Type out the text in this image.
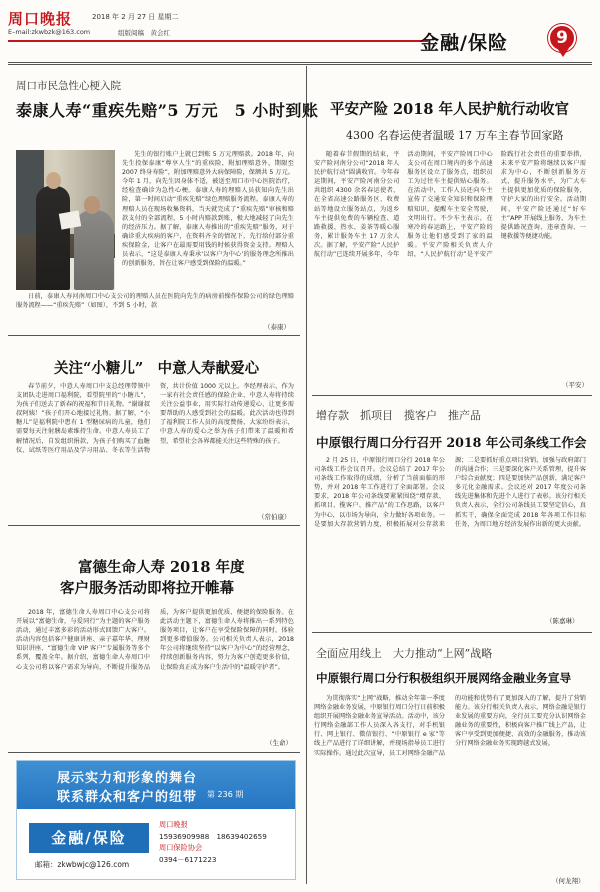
周口晚报	2018 年 2 月 27 日 星期二
E–mail:zkwbzk@163.com	组版阅稿　黄会红	金融/保险	9
周口市民急性心梗入院
泰康人寿“重疾先赔”5 万元　5 小时到账
日前，泰康人寿河南周口中心支公司的理赔人员在医院向先生的病房前操作保险公司的绿色理赔服务流程——“重疾先赔”（如图），不到 5 小时，款
先生的银行账户上就已到账 5 万元理赔款。2018 年，向先生投保泰康“尊享人生”的重疾险，附加理赔意外，期限至 2007 终身寿险”，附加理赔意外大病保障险，保额共 5 万元。今年 1 月，向先生因身体不适，被送至周口市中心医院治疗，经检查确诊为急性心梗。泰康人寿的理赔人员获知向先生出险，第一时间启动“重疾先赔”绿色理赔服务流程。泰康人寿的理赔人员在现场收集资料，当天就完成了“重疾先赔”审核和赔款支付的全部流程，5 小时内赔款到账，极大地减轻了向先生的经济压力。据了解，泰康人寿推出的“重疾先赔”服务，对于确诊重大疾病的客户，在资料齐全的情况下，先行给付部分重疾保险金，让客户在最需要用钱的时候获得资金支持。理赔人员表示，“这是泰康人寿秉承‘以客户为中心’的服务理念所推出的创新服务，旨在让客户感受到保险的温暖。”
（泰康）
关注“小糖儿”　中意人寿献爱心
春节前夕，中意人寿周口中支总经理带领中支团队走进周口福利院，看望院里的“小糖儿”，为孩子们送去了新春的祝福和节日礼物。“谢谢叔叔阿姨！”孩子们开心地接过礼物。据了解，“小糖儿”是福利院中患有 1 型糖尿病的儿童，他们需要每天注射胰岛素维持生命。中意人寿员工了解情况后，自发组织捐款，为孩子们购买了血糖仪、试纸等医疗用品及学习用品、冬衣等生活物资，共计价值 1000 元以上。李经理表示，作为一家有社会责任感的保险企业，中意人寿将持续关注公益事业，用实际行动传递爱心，让更多需要帮助的人感受到社会的温暖。此次活动也得到了福利院工作人员的高度赞扬，大家纷纷表示，中意人寿的爱心之举为孩子们带来了温暖和希望，希望社会各界都能关注这些特殊的孩子。
（常伯康）
富德生命人寿 2018 年度
客户服务活动即将拉开帷幕
2018 年，富德生命人寿周口中心支公司将开展以“富德生命，与爱同行”为主题的客户服务活动，通过丰富多彩的活动形式回馈广大客户。活动内容包括客户健康讲座、亲子嘉年华、理财知识讲座、“富德生命 VIP 客户”专属服务等多个系列，覆盖全年。据介绍，富德生命人寿周口中心支公司将以客户需求为导向，不断提升服务品质，为客户提供更加优质、便捷的保险服务。在此活动主题下，富德生命人寿将推出一系列特色服务项目，让客户在享受保险保障的同时，体验到更多增值服务。公司相关负责人表示，2018 年公司将继续坚持“以客户为中心”的经营理念，持续创新服务内容，努力为客户创造更多价值，让保险真正成为客户生活中的“温暖守护者”。
（生命）
展示实力和形象的舞台
联系群众和客户的纽带 第 236 期
金融/保险
邮箱：zkwbwjc@126.com
周口晚报
15936909988　18639402659
周口保险协会
0394－6171223
平安产险 2018 年人民护航行动收官
4300 名春运使者温暖 17 万车主春节回家路
随着春节假期的结束，平安产险河南分公司“2018 年人民护航行动”圆满收官。今年春运期间，平安产险河南分公司共组织 4300 余名春运使者，在全省高速公路服务区、收费站等地设立服务站点，为返乡车主提供免费的车辆检查、道路救援、热水、姜茶等暖心服务，累计服务车主 17 万余人次。据了解，平安产险“人民护航行动”已连续开展多年，今年活动期间，平安产险周口中心支公司在周口境内的多个高速服务区设立了服务点，组织员工为过往车主提供贴心服务。在活动中，工作人员还向车主宣传了交通安全知识和保险理赔知识，提醒车主安全驾驶，文明出行。不少车主表示，在寒冷的春运路上，平安产险的服务让他们感受到了家的温暖。平安产险相关负责人介绍，“人民护航行动”是平安产险践行社会责任的重要举措，未来平安产险将继续以客户需求为中心，不断创新服务方式，提升服务水平，为广大车主提供更加优质的保险服务，守护大家的出行安全。活动期间，平安产险还通过“好车主”APP 开展线上服务，为车主提供路况查询、违章查询、一键救援等便捷功能。
（平安）
增存款　抓项目　揽客户　推产品
中原银行周口分行召开 2018 年公司条线工作会
2 月 25 日，中原银行周口分行 2018 年公司条线工作会议召开。会议总结了 2017 年公司条线工作取得的成绩，分析了当前面临的形势，并对 2018 年工作进行了全面部署。会议要求，2018 年公司条线要紧紧围绕“增存款、抓项目、揽客户、推产品”的工作思路，以客户为中心，以市场为导向，全力做好各项业务。一是要加大存款营销力度，积极拓展对公存款来源；二是要抓好重点项目营销，加强与政府部门的沟通合作；三是要深化客户关系管理，提升客户综合贡献度；四是要加快产品创新，满足客户多元化金融需求。会议还对 2017 年度公司条线先进集体和先进个人进行了表彰。该分行相关负责人表示，全行公司条线员工要坚定信心，真抓实干，确保全面完成 2018 年各项工作目标任务，为周口地方经济发展作出新的更大贡献。
（陈嘉琳）
全面应用线上　大力推动“上网”战略
中原银行周口分行积极组织开展网络金融业务宣导
为贯彻落实“上网”战略，推动全年第一季度网络金融业务发展，中原银行周口分行日前积极组织开展网络金融业务宣导活动。活动中，该分行网络金融部工作人员深入各支行，对手机银行、网上银行、微信银行、“中原银行 e 家”等线上产品进行了详细讲解，并现场指导员工进行实际操作。通过此次宣导，员工对网络金融产品的功能和优势有了更加深入的了解，提升了营销能力。该分行相关负责人表示，网络金融是银行业发展的重要方向，全行员工要充分认识网络金融业务的重要性，积极向客户推广线上产品，让客户享受到更加便捷、高效的金融服务，推动该分行网络金融业务实现跨越式发展。
（何龙翔）
